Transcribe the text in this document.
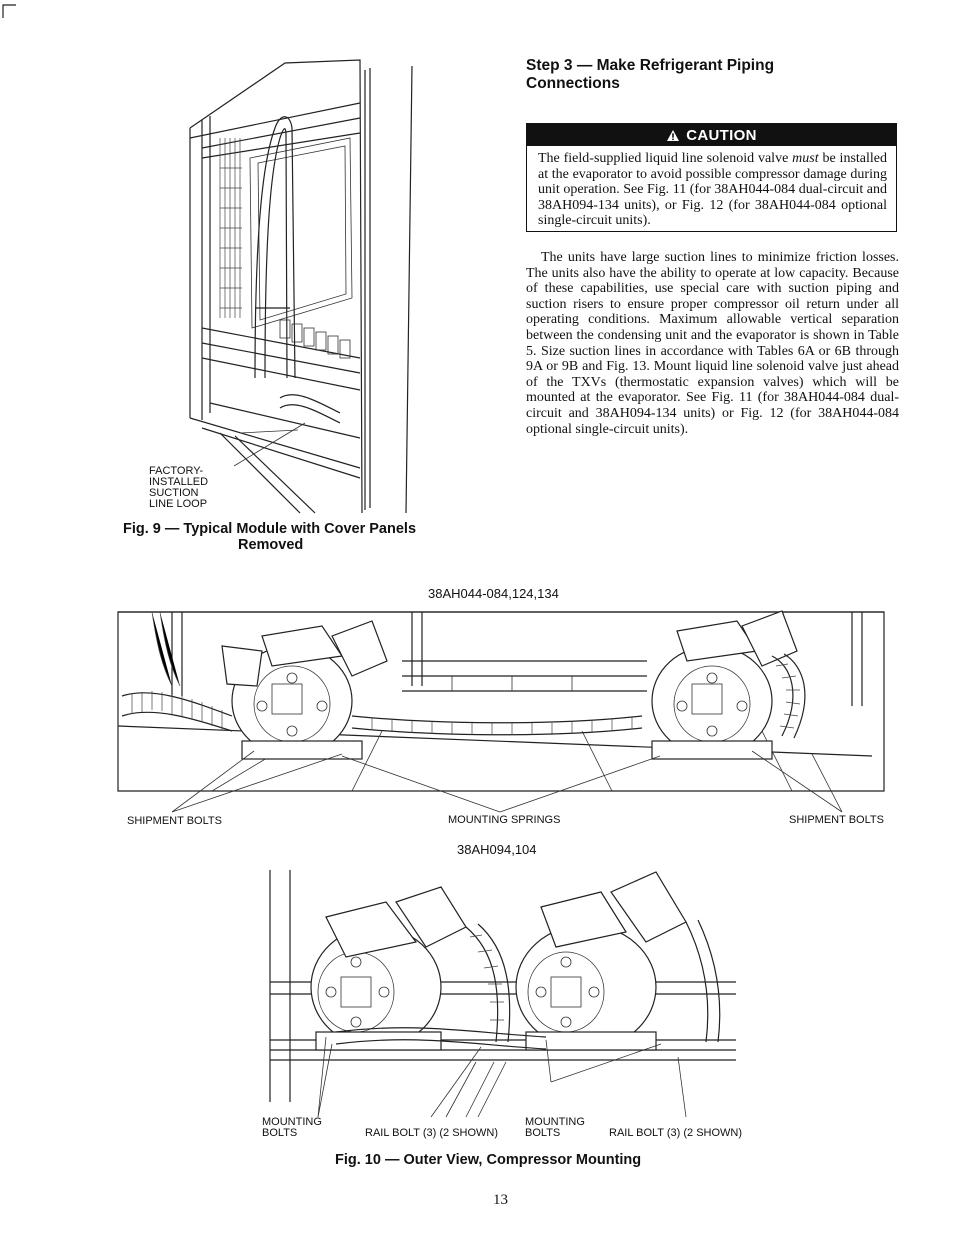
FACTORY-
INSTALLED
SUCTION
LINE LOOP
Fig. 9 — Typical Module with Cover Panels
Removed
Step 3 — Make Refrigerant Piping
Connections
CAUTION
The field-supplied liquid line solenoid valve must be installed at the evaporator to avoid possible compressor damage during unit operation. See Fig. 11 (for 38AH044-084 dual-circuit and 38AH094-134 units), or Fig. 12 (for 38AH044-084 optional single-circuit units).
The units have large suction lines to minimize friction losses. The units also have the ability to operate at low capacity. Because of these capabilities, use special care with suction piping and suction risers to ensure proper compressor oil return under all operating conditions. Maximum allowable vertical separation between the condensing unit and the evaporator is shown in Table 5. Size suction lines in accordance with Tables 6A or 6B through 9A or 9B and Fig. 13. Mount liquid line solenoid valve just ahead of the TXVs (thermostatic expansion valves) which will be mounted at the evaporator. See Fig. 11 (for 38AH044-084 dual-circuit and 38AH094-134 units) or Fig. 12 (for 38AH044-084 optional single-circuit units).
38AH044-084,124,134
SHIPMENT BOLTS	MOUNTING SPRINGS	SHIPMENT BOLTS
38AH094,104
MOUNTING
BOLTS	RAIL BOLT (3) (2 SHOWN)
MOUNTING
BOLTS	RAIL BOLT (3) (2 SHOWN)
Fig. 10 — Outer View, Compressor Mounting
13
